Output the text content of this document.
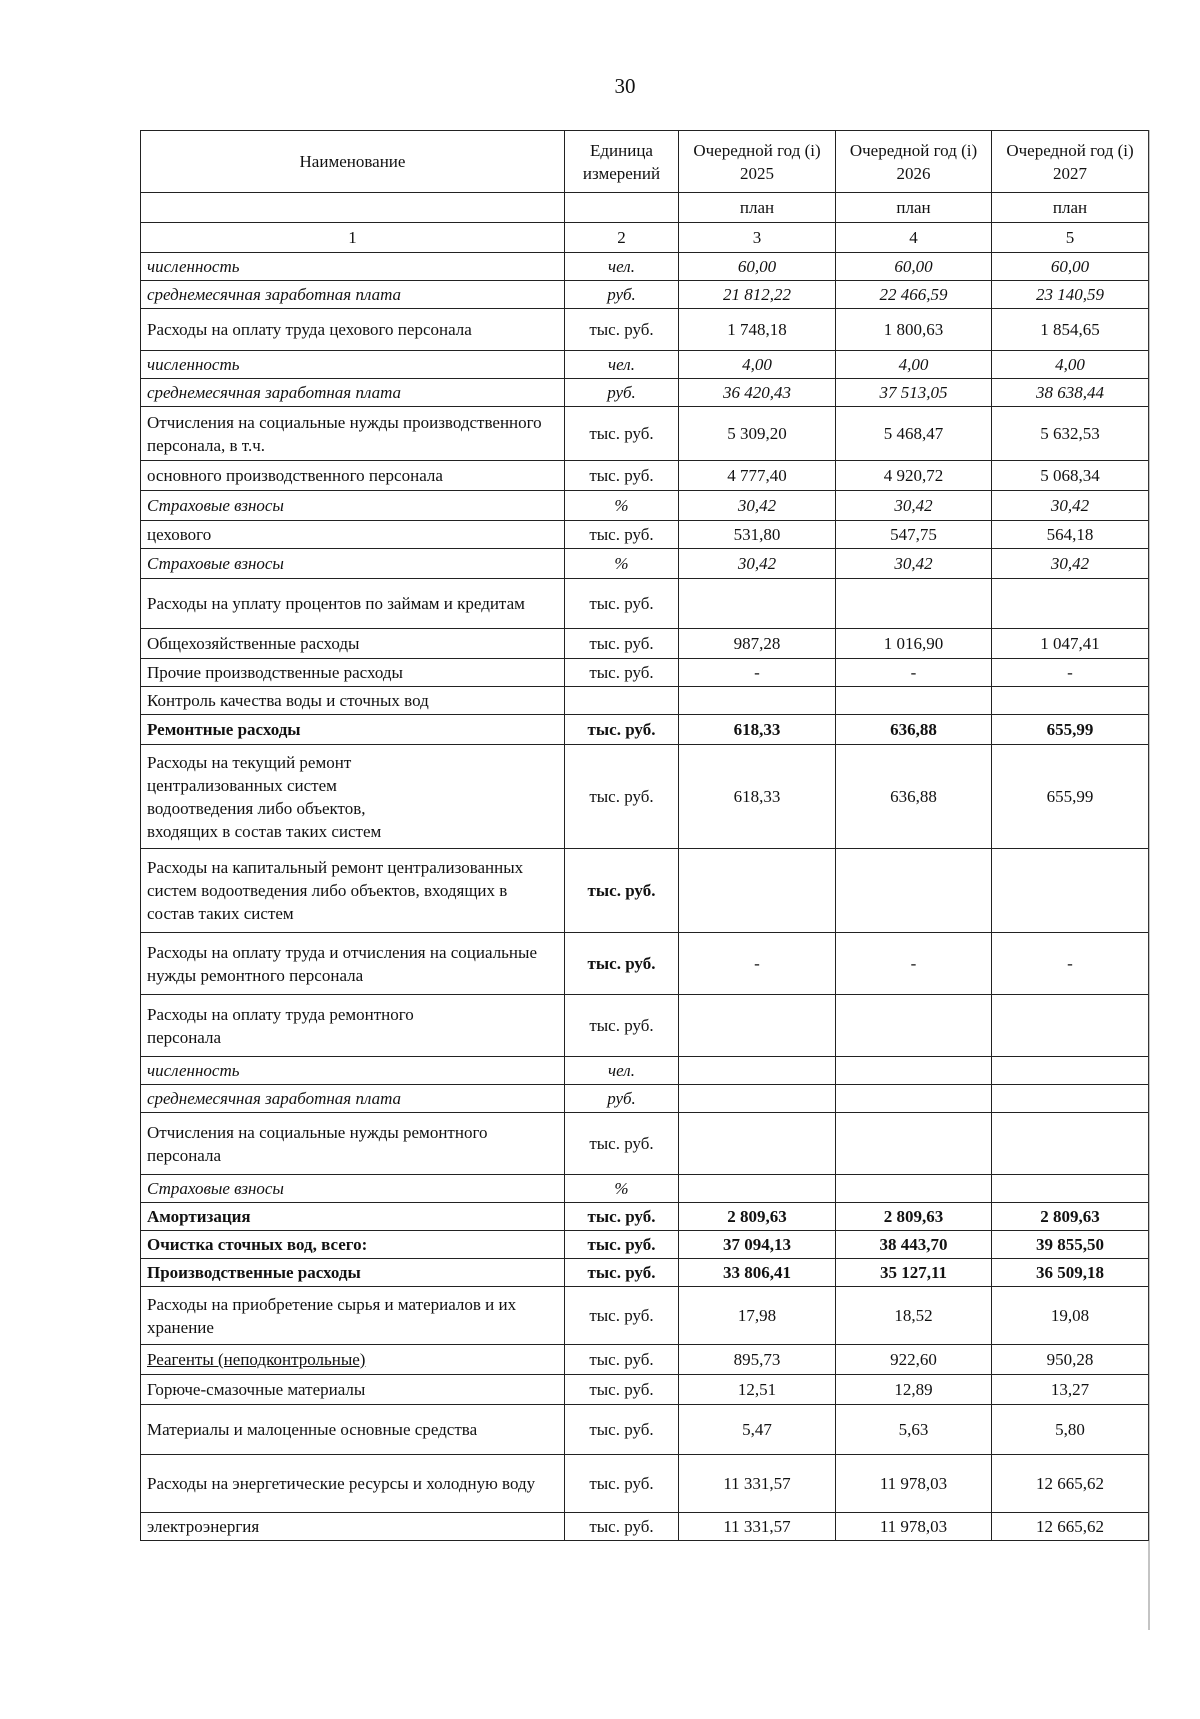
30
Наименование	Единица измерений	Очередной год (i) 2025	Очередной год (i) 2026	Очередной год (i) 2027
		план	план	план
1	2	3	4	5
численность	чел.	60,00	60,00	60,00
среднемесячная заработная плата	руб.	21 812,22	22 466,59	23 140,59
Расходы на оплату труда цехового персонала	тыс. руб.	1 748,18	1 800,63	1 854,65
численность	чел.	4,00	4,00	4,00
среднемесячная заработная плата	руб.	36 420,43	37 513,05	38 638,44
Отчисления на социальные нужды производственного персонала, в т.ч.	тыс. руб.	5 309,20	5 468,47	5 632,53
основного производственного персонала	тыс. руб.	4 777,40	4 920,72	5 068,34
Страховые взносы	%	30,42	30,42	30,42
цехового	тыс. руб.	531,80	547,75	564,18
Страховые взносы	%	30,42	30,42	30,42
Расходы на уплату процентов по займам и кредитам	тыс. руб.			
Общехозяйственные расходы	тыс. руб.	987,28	1 016,90	1 047,41
Прочие производственные расходы	тыс. руб.	-	-	-
Контроль качества воды и сточных вод				
Ремонтные расходы	тыс. руб.	618,33	636,88	655,99
Расходы на текущий ремонт централизованных систем водоотведения либо объектов, входящих в состав таких систем	тыс. руб.	618,33	636,88	655,99
Расходы на капитальный ремонт централизованных систем водоотведения либо объектов, входящих в состав таких систем	тыс. руб.			
Расходы на оплату труда и отчисления на социальные нужды ремонтного персонала	тыс. руб.	-	-	-
Расходы на оплату труда ремонтного персонала	тыс. руб.			
численность	чел.			
среднемесячная заработная плата	руб.			
Отчисления на социальные нужды ремонтного персонала	тыс. руб.			
Страховые взносы	%			
Амортизация	тыс. руб.	2 809,63	2 809,63	2 809,63
Очистка сточных вод, всего:	тыс. руб.	37 094,13	38 443,70	39 855,50
Производственные расходы	тыс. руб.	33 806,41	35 127,11	36 509,18
Расходы на приобретение сырья и материалов и их хранение	тыс. руб.	17,98	18,52	19,08
Реагенты (неподконтрольные)	тыс. руб.	895,73	922,60	950,28
Горюче-смазочные материалы	тыс. руб.	12,51	12,89	13,27
Материалы и малоценные основные средства	тыс. руб.	5,47	5,63	5,80
Расходы на энергетические ресурсы и холодную воду	тыс. руб.	11 331,57	11 978,03	12 665,62
электроэнергия	тыс. руб.	11 331,57	11 978,03	12 665,62
